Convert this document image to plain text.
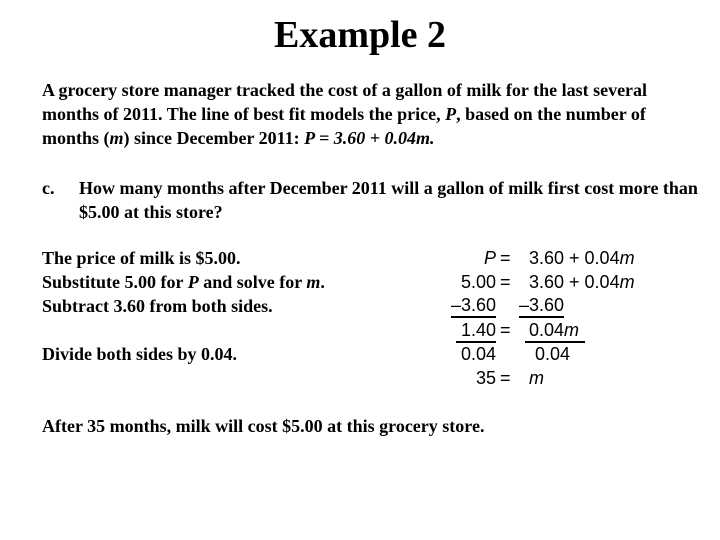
Example 2
A grocery store manager tracked the cost of a gallon of milk for the last several months of 2011. The line of best fit models the price, P, based on the number of months (m) since December 2011: P = 3.60 + 0.04m.
c. How many months after December 2011 will a gallon of milk first cost more than $5.00 at this store?
The price of milk is $5.00.
Substitute 5.00 for P and solve for m.
Subtract 3.60 from both sides.
Divide both sides by 0.04.
P = 3.60 + 0.04m
5.00 = 3.60 + 0.04m
–3.60 –3.60
1.40 = 0.04m
0.04 0.04
35 = m
After 35 months, milk will cost $5.00 at this grocery store.
